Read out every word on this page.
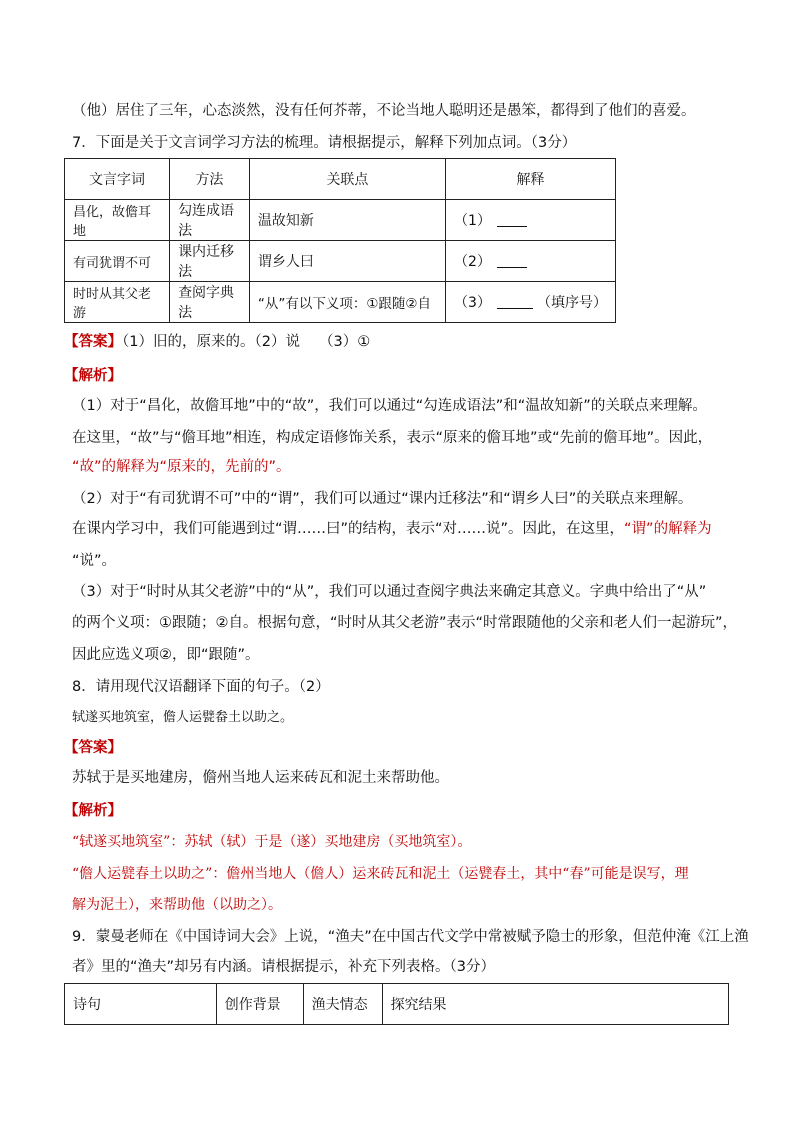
（他）居住了三年，心态淡然，没有任何芥蒂，不论当地人聪明还是愚笨，都得到了他们的喜爱。
7．下面是关于文言词学习方法的梳理。请根据提示，解释下列加点词。（3分）
文言字词	方法	关联点	解释
昌化，故儋耳地	勾连成语法	温故知新	（1）
有司犹谓不可	课内迁移法	谓乡人曰	（2）
时时从其父老游	查阅字典法	“从”有以下义项：①跟随②自	（3） （填序号）
【答案】（1）旧的，原来的。（2）说　 （3）①
【解析】
（1）对于“昌化，故儋耳地”中的“故”，我们可以通过“勾连成语法”和“温故知新”的关联点来理解。
在这里，“故”与“儋耳地”相连，构成定语修饰关系，表示“原来的儋耳地”或“先前的儋耳地”。因此，
“故”的解释为“原来的，先前的”。
（2）对于“有司犹谓不可”中的“谓”，我们可以通过“课内迁移法”和“谓乡人曰”的关联点来理解。
在课内学习中，我们可能遇到过“谓……曰”的结构，表示“对……说”。因此，在这里，“谓”的解释为
“说”。
（3）对于“时时从其父老游”中的“从”，我们可以通过查阅字典法来确定其意义。字典中给出了“从”
的两个义项：①跟随；②自。根据句意，“时时从其父老游”表示“时常跟随他的父亲和老人们一起游玩”，
因此应选义项②，即“跟随”。
8．请用现代汉语翻译下面的句子。（2）
轼遂买地筑室，儋人运甓畚土以助之。
【答案】
苏轼于是买地建房，儋州当地人运来砖瓦和泥土来帮助他。
【解析】
“轼遂买地筑室”：苏轼（轼）于是（遂）买地建房（买地筑室）。
“儋人运甓春土以助之”：儋州当地人（儋人）运来砖瓦和泥土（运甓春土，其中“春”可能是误写，理
解为泥土），来帮助他（以助之）。
9．蒙曼老师在《中国诗词大会》上说，“渔夫”在中国古代文学中常被赋予隐士的形象，但范仲淹《江上渔
者》里的“渔夫”却另有内涵。请根据提示，补充下列表格。（3分）
诗句	创作背景	渔夫情态	探究结果
